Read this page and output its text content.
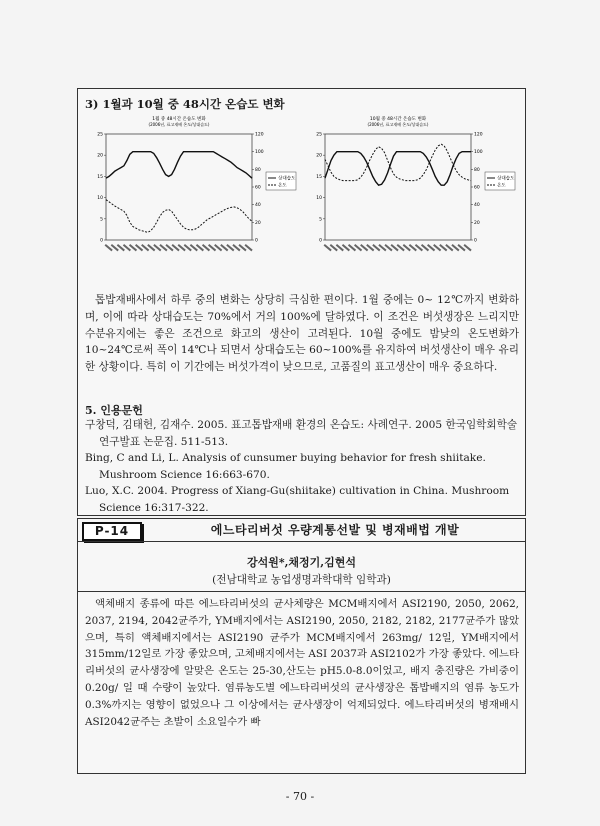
3) 1월과 10월 중 48시간 온습도 변화
1월 중 48시간 온습도 변화
(2006년, 표고재배 온도/상대습도)
25
20
15
10
5
0
120
100
80
60
40
20
0
상대습도
온도
10월 중 48시간 온습도 변화
(2006년, 표고재배 온도/상대습도)
25
20
15
10
5
0
120
100
80
60
40
20
0
상대습도
온도

톱밥재배사에서 하루 중의 변화는 상당히 극심한 편이다. 1월 중에는 0~ 12℃까지 변화하며, 이에 따라 상대습도는 70%에서 거의 100%에 달하였다. 이 조건은 버섯생장은 느리지만 수분유지에는 좋은 조건으로 화고의 생산이 고려된다. 10월 중에도 밤낮의 온도변화가 10~24℃로써 폭이 14℃나 되면서 상대습도는 60~100%를 유지하여 버섯생산이 매우 유리한 상황이다. 특히 이 기간에는 버섯가격이 낮으므로, 고품질의 표고생산이 매우 중요하다.

5. 인용문헌

구창덕, 김태헌, 김재수. 2005. 표고톱밥재배 환경의 온습도: 사례연구. 2005 한국임학회학술연구발표 논문집. 511-513.

Bing, C and Li, L. Analysis of cunsumer buying behavior for fresh shiitake. Mushroom Science 16:663-670.

Luo, X.C. 2004. Progress of Xiang-Gu(shiitake) cultivation in China. Mushroom Science 16:317-322.

P-14	에느타리버섯 우량계통선발 및 병재배법 개발
강석원*,채정기,김현석
(전남대학교 농업생명과학대학 임학과)

액체배지 종류에 따른 에느타리버섯의 균사체량은 MCM배지에서 ASI2190, 2050, 2062, 2037, 2194, 2042균주가, YM배지에서는 ASI2190, 2050, 2182, 2182, 2177균주가 많았으며, 특히 액체배지에서는 ASI2190 균주가 MCM배지에서 263mg/ 12일, YM배지에서 315mm/12일로 가장 좋았으며, 고체배지에서는 ASI 2037과 ASI2102가 가장 좋았다. 에느타리버섯의 균사생장에 알맞은 온도는 25-30,산도는 pH5.0-8.0이었고, 배지 충진량은 가비중이 0.20g/ 일 때 수량이 높았다. 염류농도별 에느타리버섯의 균사생장은 톱밥배지의 염류 농도가 0.3%까지는 영향이 없었으나 그 이상에서는 균사생장이 억제되었다. 에느타리버섯의 병재배시 ASI2042균주는 초발이 소요일수가 빠

- 70 -
